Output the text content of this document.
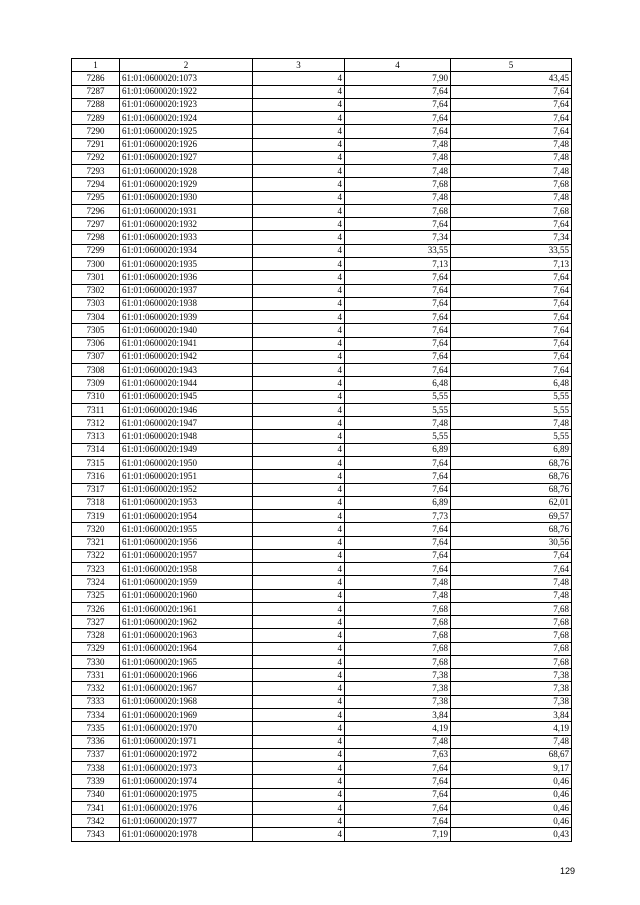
1	2	3	4	5
7286	61:01:0600020:1073	4	7,90	43,45
7287	61:01:0600020:1922	4	7,64	7,64
7288	61:01:0600020:1923	4	7,64	7,64
7289	61:01:0600020:1924	4	7,64	7,64
7290	61:01:0600020:1925	4	7,64	7,64
7291	61:01:0600020:1926	4	7,48	7,48
7292	61:01:0600020:1927	4	7,48	7,48
7293	61:01:0600020:1928	4	7,48	7,48
7294	61:01:0600020:1929	4	7,68	7,68
7295	61:01:0600020:1930	4	7,48	7,48
7296	61:01:0600020:1931	4	7,68	7,68
7297	61:01:0600020:1932	4	7,64	7,64
7298	61:01:0600020:1933	4	7,34	7,34
7299	61:01:0600020:1934	4	33,55	33,55
7300	61:01:0600020:1935	4	7,13	7,13
7301	61:01:0600020:1936	4	7,64	7,64
7302	61:01:0600020:1937	4	7,64	7,64
7303	61:01:0600020:1938	4	7,64	7,64
7304	61:01:0600020:1939	4	7,64	7,64
7305	61:01:0600020:1940	4	7,64	7,64
7306	61:01:0600020:1941	4	7,64	7,64
7307	61:01:0600020:1942	4	7,64	7,64
7308	61:01:0600020:1943	4	7,64	7,64
7309	61:01:0600020:1944	4	6,48	6,48
7310	61:01:0600020:1945	4	5,55	5,55
7311	61:01:0600020:1946	4	5,55	5,55
7312	61:01:0600020:1947	4	7,48	7,48
7313	61:01:0600020:1948	4	5,55	5,55
7314	61:01:0600020:1949	4	6,89	6,89
7315	61:01:0600020:1950	4	7,64	68,76
7316	61:01:0600020:1951	4	7,64	68,76
7317	61:01:0600020:1952	4	7,64	68,76
7318	61:01:0600020:1953	4	6,89	62,01
7319	61:01:0600020:1954	4	7,73	69,57
7320	61:01:0600020:1955	4	7,64	68,76
7321	61:01:0600020:1956	4	7,64	30,56
7322	61:01:0600020:1957	4	7,64	7,64
7323	61:01:0600020:1958	4	7,64	7,64
7324	61:01:0600020:1959	4	7,48	7,48
7325	61:01:0600020:1960	4	7,48	7,48
7326	61:01:0600020:1961	4	7,68	7,68
7327	61:01:0600020:1962	4	7,68	7,68
7328	61:01:0600020:1963	4	7,68	7,68
7329	61:01:0600020:1964	4	7,68	7,68
7330	61:01:0600020:1965	4	7,68	7,68
7331	61:01:0600020:1966	4	7,38	7,38
7332	61:01:0600020:1967	4	7,38	7,38
7333	61:01:0600020:1968	4	7,38	7,38
7334	61:01:0600020:1969	4	3,84	3,84
7335	61:01:0600020:1970	4	4,19	4,19
7336	61:01:0600020:1971	4	7,48	7,48
7337	61:01:0600020:1972	4	7,63	68,67
7338	61:01:0600020:1973	4	7,64	9,17
7339	61:01:0600020:1974	4	7,64	0,46
7340	61:01:0600020:1975	4	7,64	0,46
7341	61:01:0600020:1976	4	7,64	0,46
7342	61:01:0600020:1977	4	7,64	0,46
7343	61:01:0600020:1978	4	7,19	0,43
129
